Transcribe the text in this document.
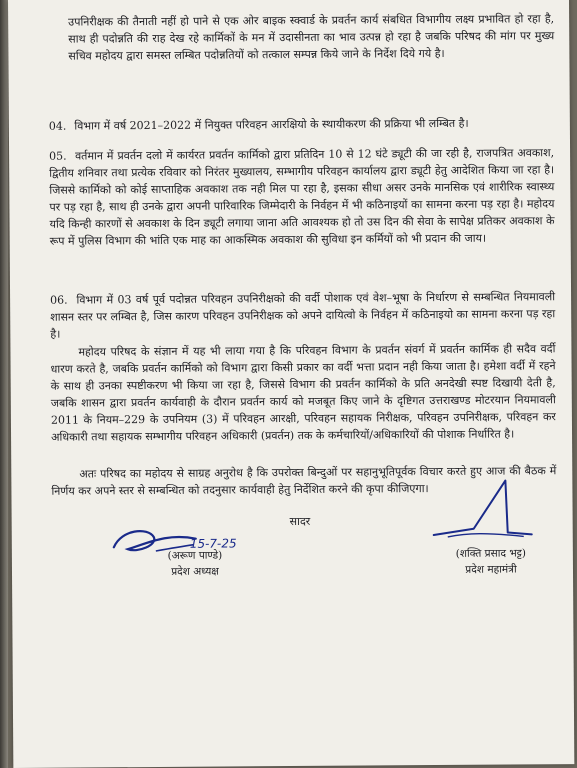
उपनिरीक्षक की तैनाती नहीं हो पाने से एक ओर बाइक स्क्वार्ड के प्रवर्तन कार्य संबधित विभागीय लक्ष्य प्रभावित हो रहा है, साथ ही पदोन्नति की राह देख रहे कार्मिकों के मन में उदासीनता का भाव उत्पन्न हो रहा है जबकि परिषद की मांग पर मुख्य सचिव महोदय द्वारा समस्त लम्बित पदोन्नतियों को तत्काल सम्पन्न किये जाने के निर्देश दिये गये है।

04. विभाग में वर्ष 2021–2022 में नियुक्त परिवहन आरक्षियो के स्थायीकरण की प्रक्रिया भी लम्बित है।

05. वर्तमान में प्रवर्तन दलो में कार्यरत प्रवर्तन कार्मिको द्वारा प्रतिदिन 10 से 12 घंटे ड्यूटी की जा रही है, राजपत्रित अवकाश, द्वितीय शनिवार तथा प्रत्येक रविवार को निरंतर मुख्यालय, सम्भागीय परिवहन कार्यालय द्वारा ड्यूटी हेतु आदेशित किया जा रहा है। जिससे कार्मिको को कोई साप्ताहिक अवकाश तक नही मिल पा रहा है, इसका सीधा असर उनके मानसिक एवं शारीरिक स्वास्थ्य पर पड़ रहा है, साथ ही उनके द्वारा अपनी पारिवारिक जिम्मेदारी के निर्वहन में भी कठिनाइयों का सामना करना पड़ रहा है। महोदय यदि किन्ही कारणों से अवकाश के दिन ड्यूटी लगाया जाना अति आवश्यक हो तो उस दिन की सेवा के सापेक्ष प्रतिकर अवकाश के रूप में पुलिस विभाग की भांति एक माह का आकस्मिक अवकाश की सुविधा इन कर्मियों को भी प्रदान की जाय।

06. विभाग में 03 वर्ष पूर्व पदोन्नत परिवहन उपनिरीक्षको की वर्दी पोशाक एवं वेश–भूषा के निर्धारण से सम्बन्धित नियमावली शासन स्तर पर लम्बित है, जिस कारण परिवहन उपनिरीक्षक को अपने दायित्वो के निर्वहन में कठिनाइयो का सामना करना पड़ रहा है।

महोदय परिषद के संज्ञान में यह भी लाया गया है कि परिवहन विभाग के प्रवर्तन संवर्ग में प्रवर्तन कार्मिक ही सदैव वर्दी धारण करते है, जबकि प्रवर्तन कार्मिको को विभाग द्वारा किसी प्रकार का वर्दी भत्ता प्रदान नही किया जाता है। हमेशा वर्दी में रहने के साथ ही उनका स्पष्टीकरण भी किया जा रहा है, जिससे विभाग की प्रवर्तन कार्मिको के प्रति अनदेखी स्पष्ट दिखायी देती है, जबकि शासन द्वारा प्रवर्तन कार्यवाही के दौरान प्रवर्तन कार्य को मजबूत किए जाने के दृष्टिगत उत्तराखण्ड मोटरयान नियमावली 2011 के नियम–229 के उपनियम (3) में परिवहन आरक्षी, परिवहन सहायक निरीक्षक, परिवहन उपनिरीक्षक, परिवहन कर अधिकारी तथा सहायक सम्भागीय परिवहन अधिकारी (प्रवर्तन) तक के कर्मचारियों/अधिकारियों की पोशाक निर्धारित है।

अतः परिषद का महोदय से साग्रह अनुरोध है कि उपरोक्त बिन्दुओं पर सहानुभूतिपूर्वक विचार करते हुए आज की बैठक में निर्णय कर अपने स्तर से सम्बन्धित को तदनुसार कार्यवाही हेतु निर्देशित करने की कृपा कीजिएगा।

सादर
15-7-25
(अरूण पाण्डे)
प्रदेश अध्यक्ष
(शक्ति प्रसाद भट्ट)
प्रदेश महामंत्री
